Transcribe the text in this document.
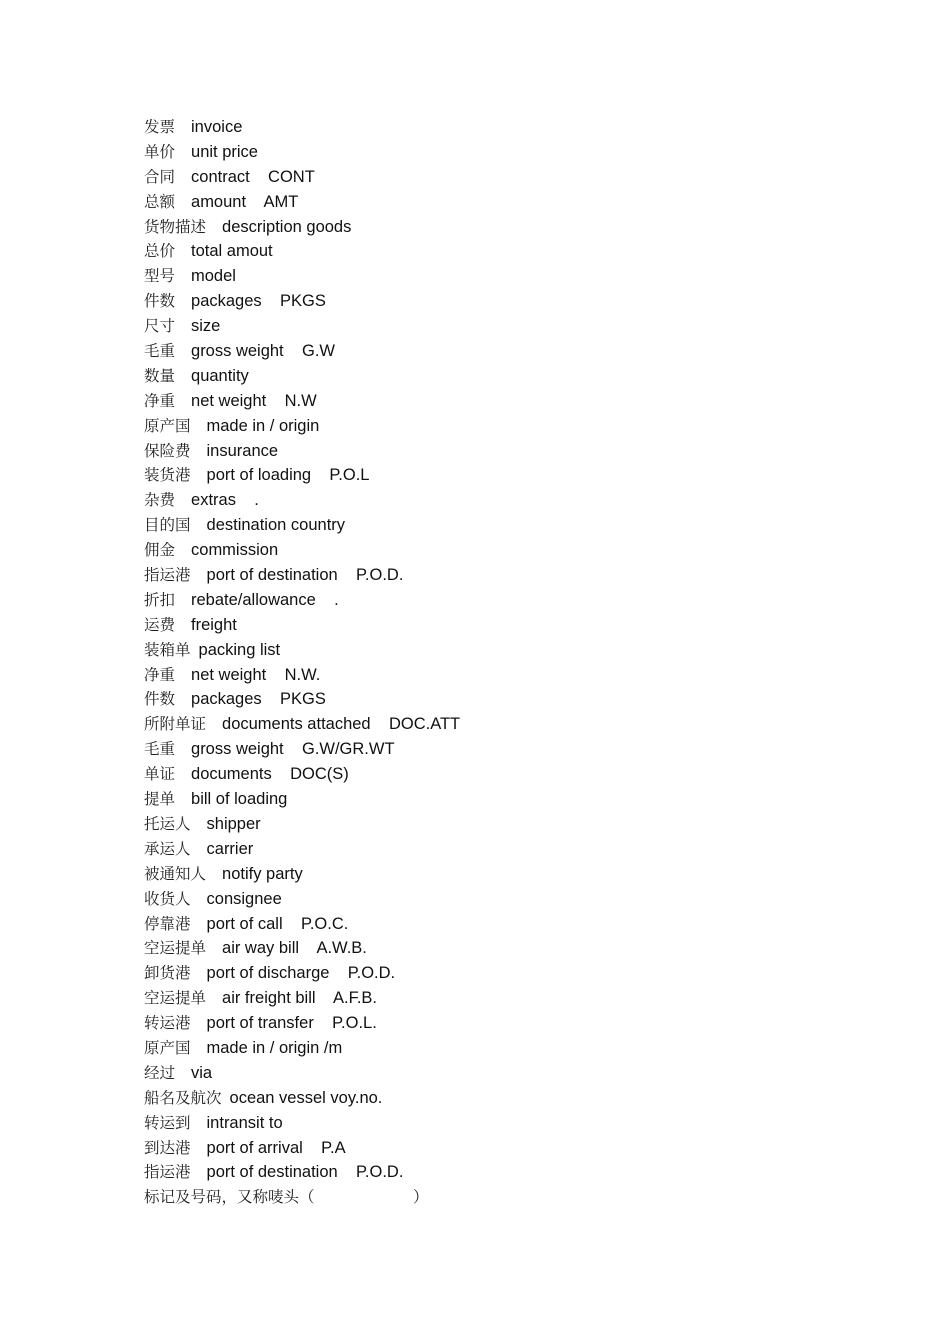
发票 invoice
单价 unit price
合同 contract    CONT
总额 amount    AMT
货物描述 description goods
总价 total amout
型号 model
件数 packages    PKGS
尺寸 size
毛重 gross weight    G.W
数量 quantity
净重 net weight    N.W
原产国 made in / origin
保险费 insurance
装货港 port of loading    P.O.L
杂费 extras    .
目的国 destination country
佣金 commission
指运港 port of destination    P.O.D.
折扣 rebate/allowance    .
运费 freight
装箱单 packing list
净重 net weight    N.W.
件数 packages    PKGS
所附单证 documents attached    DOC.ATT
毛重 gross weight    G.W/GR.WT
单证 documents    DOC(S)
提单 bill of loading
托运人 shipper
承运人 carrier
被通知人 notify party
收货人 consignee
停靠港 port of call    P.O.C.
空运提单 air way bill    A.W.B.
卸货港 port of discharge    P.O.D.
空运提单 air freight bill    A.F.B.
转运港 port of transfer    P.O.L.
原产国 made in / origin /m
经过 via
船名及航次 ocean vessel voy.no.
转运到 intransit to
到达港 port of arrival    P.A
指运港 port of destination    P.O.D.
标记及号码，又称唛头（                    ）
